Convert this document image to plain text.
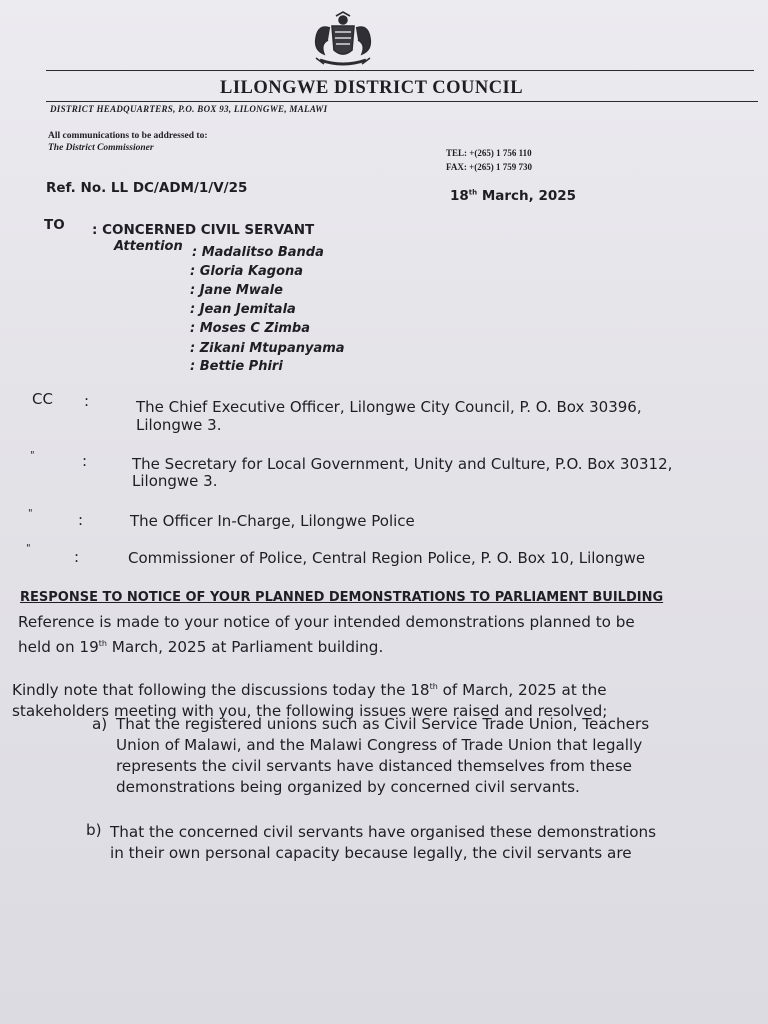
LILONGWE DISTRICT COUNCIL
DISTRICT HEADQUARTERS, P.O. BOX 93, LILONGWE, MALAWI
All communications to be addressed to:
The District Commissioner	TEL: +(265) 1 756 110
FAX: +(265) 1 759 730
Ref. No. LL DC/ADM/1/V/25	18th March, 2025
TO : CONCERNED CIVIL SERVANT
Attention : Madalitso Banda
: Gloria Kagona
: Jane Mwale
: Jean Jemitala
: Moses C Zimba
: Zikani Mtupanyama
: Bettie Phiri
CC :	The Chief Executive Officer, Lilongwe City Council, P. O. Box 30396,
Lilongwe 3.
"	:	The Secretary for Local Government, Unity and Culture, P.O. Box 30312,
Lilongwe 3.
"	:	The Officer In-Charge, Lilongwe Police
"	:	Commissioner of Police, Central Region Police, P. O. Box 10, Lilongwe
RESPONSE TO NOTICE OF YOUR PLANNED DEMONSTRATIONS TO PARLIAMENT BUILDING
Reference is made to your notice of your intended demonstrations planned to be
held on 19th March, 2025 at Parliament building.
Kindly note that following the discussions today the 18th of March, 2025 at the
stakeholders meeting with you, the following issues were raised and resolved;
a) That the registered unions such as Civil Service Trade Union, Teachers
Union of Malawi, and the Malawi Congress of Trade Union that legally
represents the civil servants have distanced themselves from these
demonstrations being organized by concerned civil servants.
b) That the concerned civil servants have organised these demonstrations
in their own personal capacity because legally, the civil servants are
